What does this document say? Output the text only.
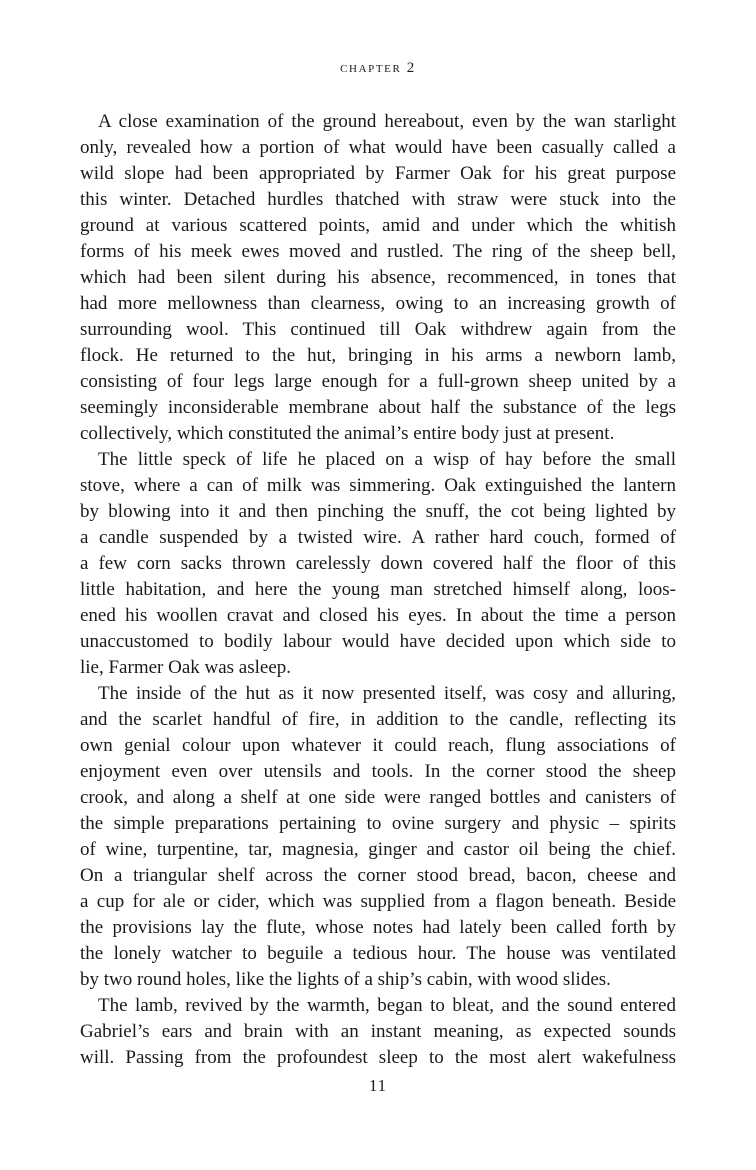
chapter 2
A close examination of the ground hereabout, even by the wan starlight
only, revealed how a portion of what would have been casually called a
wild slope had been appropriated by Farmer Oak for his great purpose
this winter. Detached hurdles thatched with straw were stuck into the
ground at various scattered points, amid and under which the whitish
forms of his meek ewes moved and rustled. The ring of the sheep bell,
which had been silent during his absence, recommenced, in tones that
had more mellowness than clearness, owing to an increasing growth of
surrounding wool. This continued till Oak withdrew again from the
flock. He returned to the hut, bringing in his arms a newborn lamb,
consisting of four legs large enough for a full-grown sheep united by a
seemingly inconsiderable membrane about half the substance of the legs
collectively, which constituted the animal’s entire body just at present.
The little speck of life he placed on a wisp of hay before the small
stove, where a can of milk was simmering. Oak extinguished the lantern
by blowing into it and then pinching the snuff, the cot being lighted by
a candle suspended by a twisted wire. A rather hard couch, formed of
a few corn sacks thrown carelessly down covered half the floor of this
little habitation, and here the young man stretched himself along, loos-
ened his woollen cravat and closed his eyes. In about the time a person
unaccustomed to bodily labour would have decided upon which side to
lie, Farmer Oak was asleep.
The inside of the hut as it now presented itself, was cosy and alluring,
and the scarlet handful of fire, in addition to the candle, reflecting its
own genial colour upon whatever it could reach, flung associations of
enjoyment even over utensils and tools. In the corner stood the sheep
crook, and along a shelf at one side were ranged bottles and canisters of
the simple preparations pertaining to ovine surgery and physic – spirits
of wine, turpentine, tar, magnesia, ginger and castor oil being the chief.
On a triangular shelf across the corner stood bread, bacon, cheese and
a cup for ale or cider, which was supplied from a flagon beneath. Beside
the provisions lay the flute, whose notes had lately been called forth by
the lonely watcher to beguile a tedious hour. The house was ventilated
by two round holes, like the lights of a ship’s cabin, with wood slides.
The lamb, revived by the warmth, began to bleat, and the sound entered
Gabriel’s ears and brain with an instant meaning, as expected sounds
will. Passing from the profoundest sleep to the most alert wakefulness
11
